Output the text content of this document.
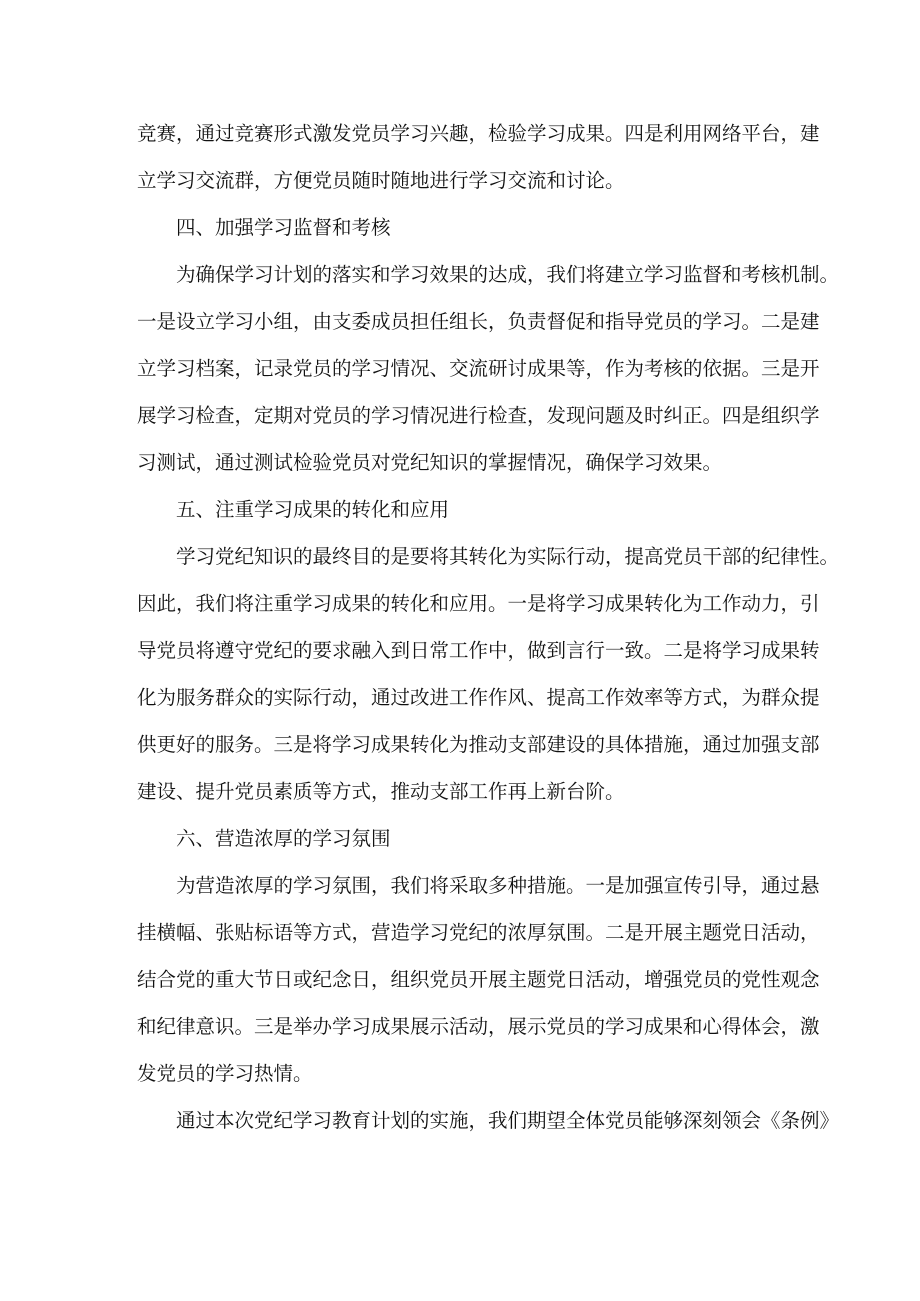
竞赛，通过竞赛形式激发党员学习兴趣，检验学习成果。四是利用网络平台，建
立学习交流群，方便党员随时随地进行学习交流和讨论。
四、加强学习监督和考核
为确保学习计划的落实和学习效果的达成，我们将建立学习监督和考核机制。
一是设立学习小组，由支委成员担任组长，负责督促和指导党员的学习。二是建
立学习档案，记录党员的学习情况、交流研讨成果等，作为考核的依据。三是开
展学习检查，定期对党员的学习情况进行检查，发现问题及时纠正。四是组织学
习测试，通过测试检验党员对党纪知识的掌握情况，确保学习效果。
五、注重学习成果的转化和应用
学习党纪知识的最终目的是要将其转化为实际行动，提高党员干部的纪律性。
因此，我们将注重学习成果的转化和应用。一是将学习成果转化为工作动力，引
导党员将遵守党纪的要求融入到日常工作中，做到言行一致。二是将学习成果转
化为服务群众的实际行动，通过改进工作作风、提高工作效率等方式，为群众提
供更好的服务。三是将学习成果转化为推动支部建设的具体措施，通过加强支部
建设、提升党员素质等方式，推动支部工作再上新台阶。
六、营造浓厚的学习氛围
为营造浓厚的学习氛围，我们将采取多种措施。一是加强宣传引导，通过悬
挂横幅、张贴标语等方式，营造学习党纪的浓厚氛围。二是开展主题党日活动，
结合党的重大节日或纪念日，组织党员开展主题党日活动，增强党员的党性观念
和纪律意识。三是举办学习成果展示活动，展示党员的学习成果和心得体会，激
发党员的学习热情。
通过本次党纪学习教育计划的实施，我们期望全体党员能够深刻领会《条例》
